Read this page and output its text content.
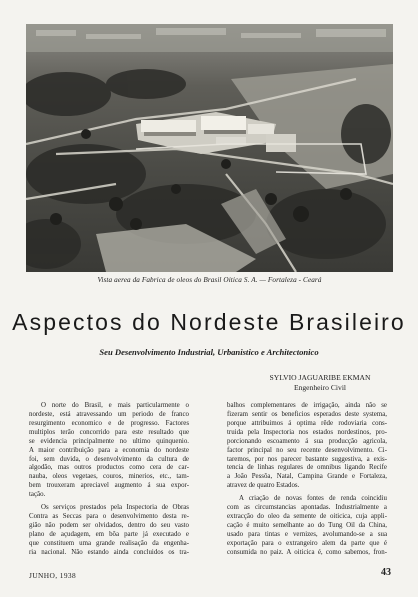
Vista aerea da Fabrica de oleos do Brasil Oitica S. A. — Fortaleza - Ceará
Aspectos do Nordeste Brasileiro
Seu Desenvolvimento Industrial, Urbanistico e Architectonico
SYLVIO JAGUARIBE EKMAN
Engenheiro Civil
O norte do Brasil, e mais particularmente o
nordeste, está atravessando um periodo de franco
resurgimento economico e de progresso. Factores
multiplos terão concorrido para este resultado que
se evidencia principalmente no ultimo quinquenio.
A maior contribuição para a economia do nordeste
foi, sem duvida, o desenvolvimento da cultura de
algodão, mas outros productos como cera de car-
nauba, oleos vegetaes, couros, minerios, etc., tam-
bem trouxeram apreciavel augmento á sua expor-
tação.
Os serviços prestados pela Inspectoria de Obras
Contra as Seccas para o desenvolvimento desta re-
gião não podem ser olvidados, dentro do seu vasto
plano de açudagem, em bôa parte já executado e
que constituem uma grande realisação da engenha-
ria nacional. Não estando ainda concluidos os tra-
balhos complementares de irrigação, ainda não se
fizeram sentir os beneficios esperados deste systema,
porque attribuimos á optima rêde rodoviaria cons-
truida pela Inspectoria nos estados nordestinos, pro-
porcionando escoamento á sua producção agricola,
factor principal no seu recente desenvolvimento. Ci-
taremos, por nos parecer bastante suggestiva, a exis-
tencia de linhas regulares de omnibus ligando Recife
a João Pessôa, Natal, Campina Grande e Fortaleza,
atravez de quatro Estados.
A criação de novas fontes de renda coincidiu
com as circumstancias apontadas. Industrialmente a
extracção do oleo da semente de oiticica, cuja appli-
cação é muito semelhante ao do Tung Oil da China,
usado para tintas e vernizes, avolumando-se a sua
exportação para o extrangeiro alem da parte que é
consumida no paiz. A oiticica é, como sabemos, fron-
JUNHO, 1938	43
